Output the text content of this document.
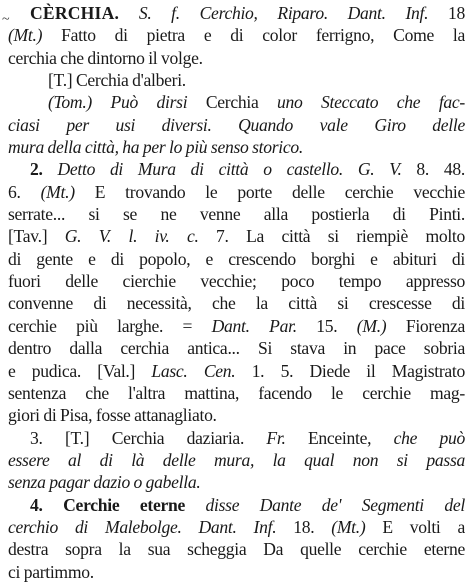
~	CÈRCHIA. S. f. Cerchio, Riparo. Dant. Inf. 18
(Mt.) Fatto di pietra e di color ferrigno, Come la
cerchia che dintorno il volge.
[T.] Cerchia d'alberi.
(Tom.) Può dirsi Cerchia uno Steccato che fac-
ciasi per usi diversi. Quando vale Giro delle
mura della città, ha per lo più senso storico.
2. Detto di Mura di città o castello. G. V. 8. 48.
6. (Mt.) E trovando le porte delle cerchie vecchie
serrate... si se ne venne alla postierla di Pinti.
[Tav.] G. V. l. iv. c. 7. La città si riempiè molto
di gente e di popolo, e crescendo borghi e abituri di
fuori delle cierchie vecchie; poco tempo appresso
convenne di necessità, che la città si crescesse di
cerchie più larghe. = Dant. Par. 15. (M.) Fiorenza
dentro dalla cerchia antica... Si stava in pace sobria
e pudica. [Val.] Lasc. Cen. 1. 5. Diede il Magistrato
sentenza che l'altra mattina, facendo le cerchie mag-
giori di Pisa, fosse attanagliato.
3. [T.] Cerchia daziaria. Fr. Enceinte, che può
essere al di là delle mura, la qual non si passa
senza pagar dazio o gabella.
4. Cerchie eterne disse Dante de' Segmenti del
cerchio di Malebolge. Dant. Inf. 18. (Mt.) E volti a
destra sopra la sua scheggia Da quelle cerchie eterne
ci partimmo.
